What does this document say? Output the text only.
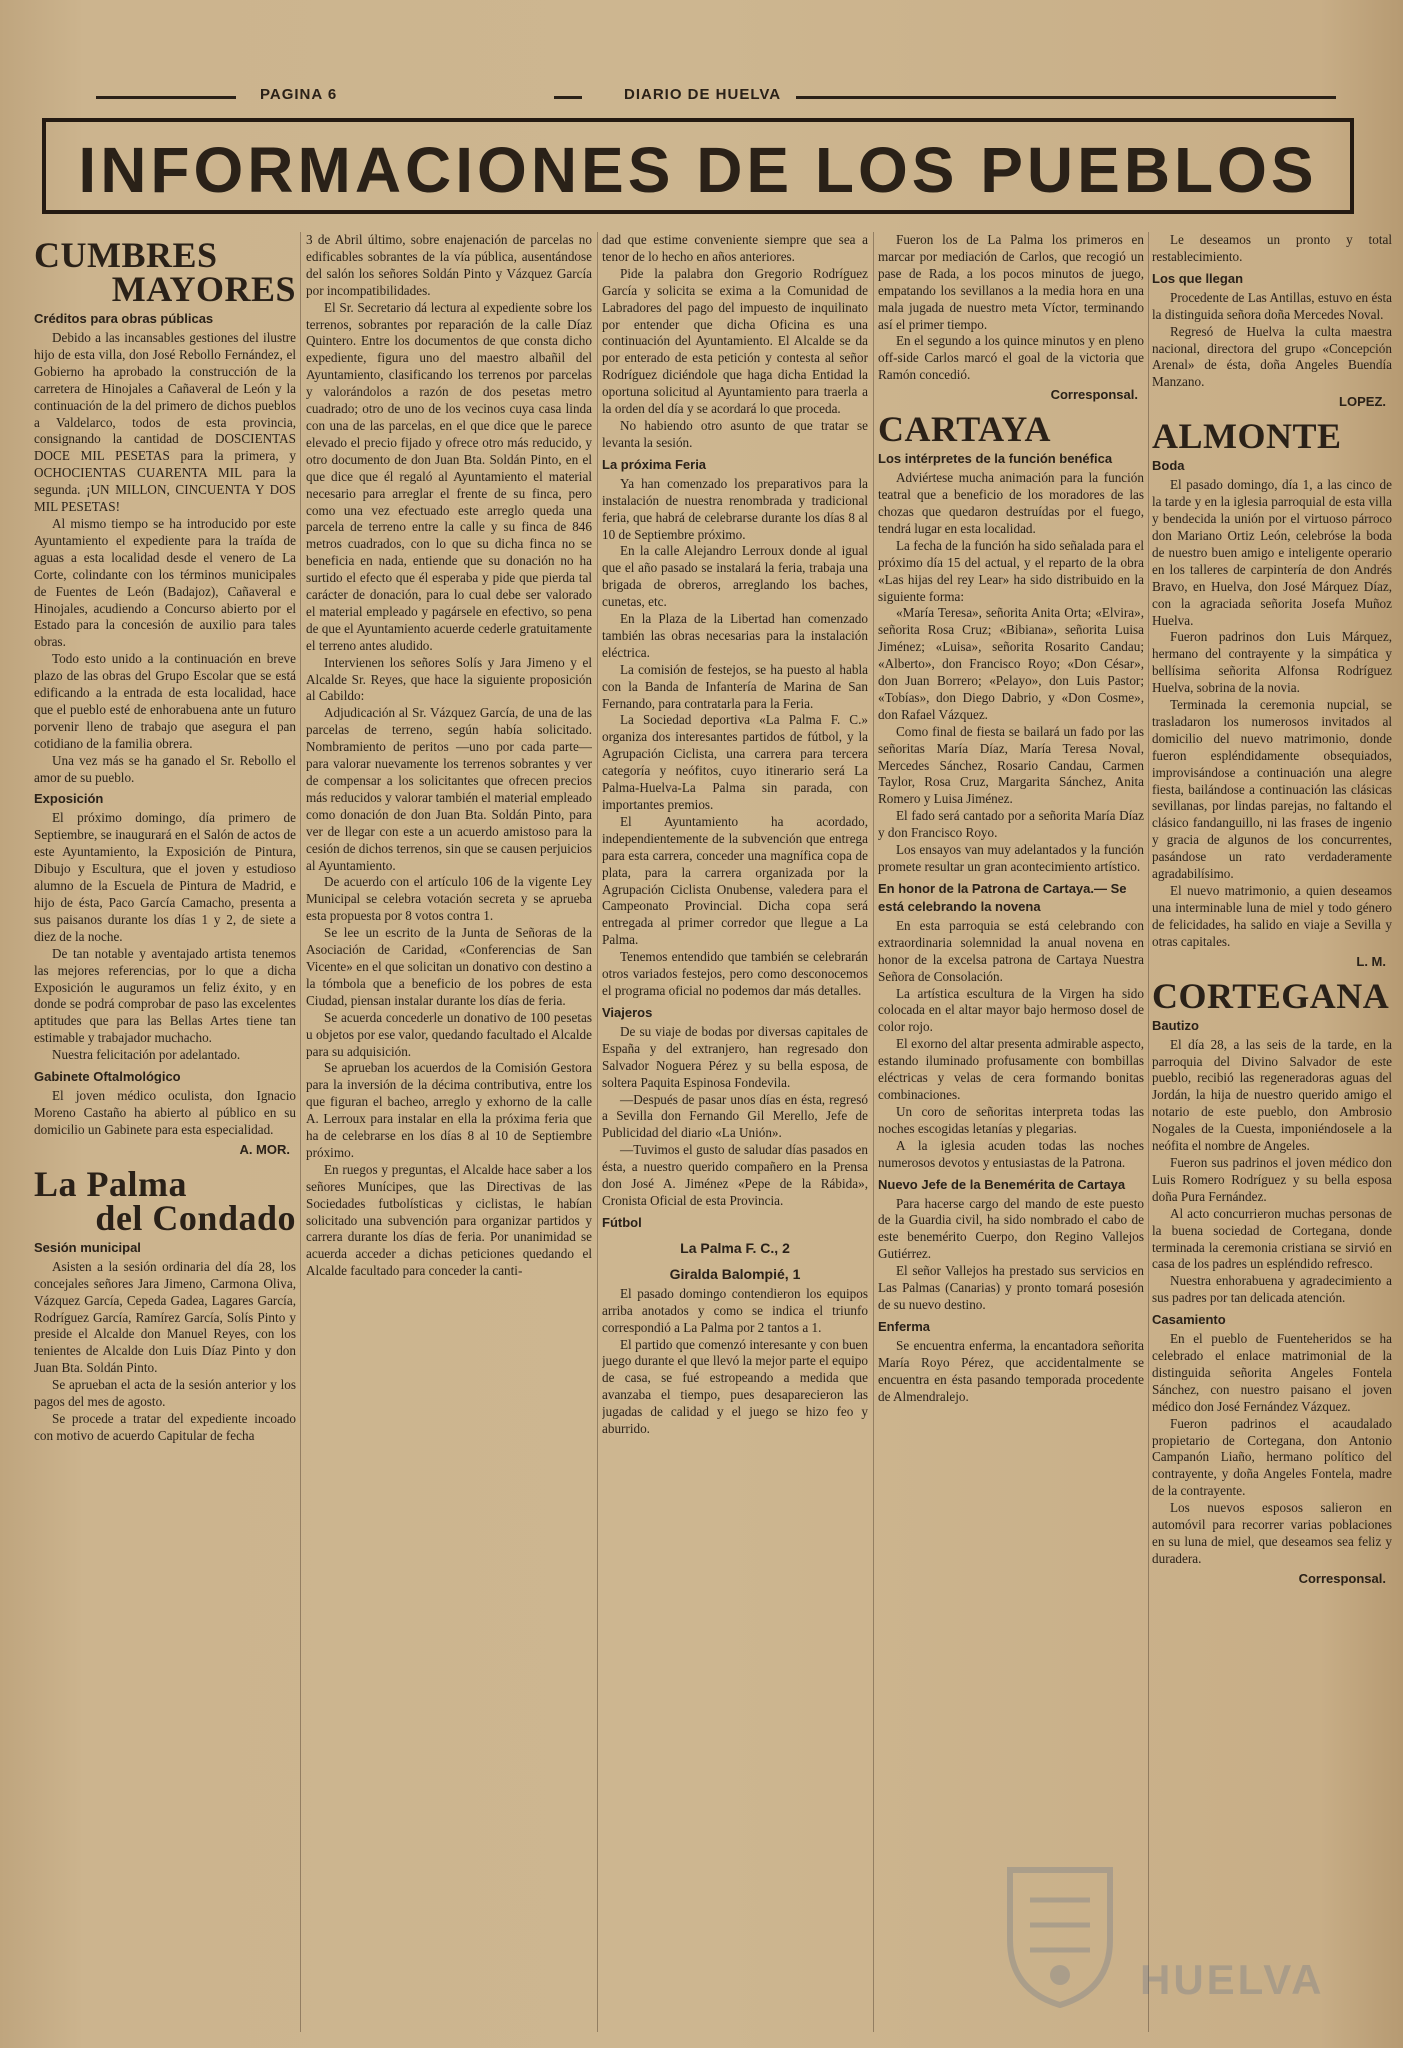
PAGINA 6	DIARIO DE HUELVA
INFORMACIONES DE LOS PUEBLOS
CUMBRES
MAYORES
Créditos para obras públicas

Debido a las incansables gestiones del ilustre hijo de esta villa, don José Rebollo Fernández, el Gobierno ha aprobado la construcción de la carretera de Hinojales a Cañaveral de León y la continuación de la del primero de dichos pueblos a Valdelarco, todos de esta provincia, consignando la cantidad de DOSCIENTAS DOCE MIL PESETAS para la primera, y OCHOCIENTAS CUARENTA MIL para la segunda. ¡UN MILLON, CINCUENTA Y DOS MIL PESETAS!

Al mismo tiempo se ha introducido por este Ayuntamiento el expediente para la traída de aguas a esta localidad desde el venero de La Corte, colindante con los términos municipales de Fuentes de León (Badajoz), Cañaveral e Hinojales, acudiendo a Concurso abierto por el Estado para la concesión de auxilio para tales obras.

Todo esto unido a la continuación en breve plazo de las obras del Grupo Escolar que se está edificando a la entrada de esta localidad, hace que el pueblo esté de enhorabuena ante un futuro porvenir lleno de trabajo que asegura el pan cotidiano de la familia obrera.

Una vez más se ha ganado el Sr. Rebollo el amor de su pueblo.

Exposición

El próximo domingo, día primero de Septiembre, se inaugurará en el Salón de actos de este Ayuntamiento, la Exposición de Pintura, Dibujo y Escultura, que el joven y estudioso alumno de la Escuela de Pintura de Madrid, e hijo de ésta, Paco García Camacho, presenta a sus paisanos durante los días 1 y 2, de siete a diez de la noche.

De tan notable y aventajado artista tenemos las mejores referencias, por lo que a dicha Exposición le auguramos un feliz éxito, y en donde se podrá comprobar de paso las excelentes aptitudes que para las Bellas Artes tiene tan estimable y trabajador muchacho.

Nuestra felicitación por adelantado.

Gabinete Oftalmológico

El joven médico oculista, don Ignacio Moreno Castaño ha abierto al público en su domicilio un Gabinete para esta especialidad.

A. MOR.
La Palma
del Condado
Sesión municipal

Asisten a la sesión ordinaria del día 28, los concejales señores Jara Jimeno, Carmona Oliva, Vázquez García, Cepeda Gadea, Lagares García, Rodríguez García, Ramírez García, Solís Pinto y preside el Alcalde don Manuel Reyes, con los tenientes de Alcalde don Luis Díaz Pinto y don Juan Bta. Soldán Pinto.

Se aprueban el acta de la sesión anterior y los pagos del mes de agosto.

Se procede a tratar del expediente incoado con motivo de acuerdo Capitular de fecha

3 de Abril último, sobre enajenación de parcelas no edificables sobrantes de la vía pública, ausentándose del salón los señores Soldán Pinto y Vázquez García por incompatibilidades.

El Sr. Secretario dá lectura al expediente sobre los terrenos, sobrantes por reparación de la calle Díaz Quintero. Entre los documentos de que consta dicho expediente, figura uno del maestro albañil del Ayuntamiento, clasificando los terrenos por parcelas y valorándolos a razón de dos pesetas metro cuadrado; otro de uno de los vecinos cuya casa linda con una de las parcelas, en el que dice que le parece elevado el precio fijado y ofrece otro más reducido, y otro documento de don Juan Bta. Soldán Pinto, en el que dice que él regaló al Ayuntamiento el material necesario para arreglar el frente de su finca, pero como una vez efectuado este arreglo queda una parcela de terreno entre la calle y su finca de 846 metros cuadrados, con lo que su dicha finca no se beneficia en nada, entiende que su donación no ha surtido el efecto que él esperaba y pide que pierda tal carácter de donación, para lo cual debe ser valorado el material empleado y pagársele en efectivo, so pena de que el Ayuntamiento acuerde cederle gratuitamente el terreno antes aludido.

Intervienen los señores Solís y Jara Jimeno y el Alcalde Sr. Reyes, que hace la siguiente proposición al Cabildo:

Adjudicación al Sr. Vázquez García, de una de las parcelas de terreno, según había solicitado. Nombramiento de peritos —uno por cada parte— para valorar nuevamente los terrenos sobrantes y ver de compensar a los solicitantes que ofrecen precios más reducidos y valorar también el material empleado como donación de don Juan Bta. Soldán Pinto, para ver de llegar con este a un acuerdo amistoso para la cesión de dichos terrenos, sin que se causen perjuicios al Ayuntamiento.

De acuerdo con el artículo 106 de la vigente Ley Municipal se celebra votación secreta y se aprueba esta propuesta por 8 votos contra 1.

Se lee un escrito de la Junta de Señoras de la Asociación de Caridad, «Conferencias de San Vicente» en el que solicitan un donativo con destino a la tómbola que a beneficio de los pobres de esta Ciudad, piensan instalar durante los días de feria.

Se acuerda concederle un donativo de 100 pesetas u objetos por ese valor, quedando facultado el Alcalde para su adquisición.

Se aprueban los acuerdos de la Comisión Gestora para la inversión de la décima contributiva, entre los que figuran el bacheo, arreglo y exhorno de la calle A. Lerroux para instalar en ella la próxima feria que ha de celebrarse en los días 8 al 10 de Septiembre próximo.

En ruegos y preguntas, el Alcalde hace saber a los señores Munícipes, que las Directivas de las Sociedades futbolísticas y ciclistas, le habían solicitado una subvención para organizar partidos y carrera durante los días de feria. Por unanimidad se acuerda acceder a dichas peticiones quedando el Alcalde facultado para conceder la canti-

dad que estime conveniente siempre que sea a tenor de lo hecho en años anteriores.

Pide la palabra don Gregorio Rodríguez García y solicita se exima a la Comunidad de Labradores del pago del impuesto de inquilinato por entender que dicha Oficina es una continuación del Ayuntamiento. El Alcalde se da por enterado de esta petición y contesta al señor Rodríguez diciéndole que haga dicha Entidad la oportuna solicitud al Ayuntamiento para traerla a la orden del día y se acordará lo que proceda.

No habiendo otro asunto de que tratar se levanta la sesión.

La próxima Feria

Ya han comenzado los preparativos para la instalación de nuestra renombrada y tradicional feria, que habrá de celebrarse durante los días 8 al 10 de Septiembre próximo.

En la calle Alejandro Lerroux donde al igual que el año pasado se instalará la feria, trabaja una brigada de obreros, arreglando los baches, cunetas, etc.

En la Plaza de la Libertad han comenzado también las obras necesarias para la instalación eléctrica.

La comisión de festejos, se ha puesto al habla con la Banda de Infantería de Marina de San Fernando, para contratarla para la Feria.

La Sociedad deportiva «La Palma F. C.» organiza dos interesantes partidos de fútbol, y la Agrupación Ciclista, una carrera para tercera categoría y neófitos, cuyo itinerario será La Palma-Huelva-La Palma sin parada, con importantes premios.

El Ayuntamiento ha acordado, independientemente de la subvención que entrega para esta carrera, conceder una magnífica copa de plata, para la carrera organizada por la Agrupación Ciclista Onubense, valedera para el Campeonato Provincial. Dicha copa será entregada al primer corredor que llegue a La Palma.

Tenemos entendido que también se celebrarán otros variados festejos, pero como desconocemos el programa oficial no podemos dar más detalles.

Viajeros

De su viaje de bodas por diversas capitales de España y del extranjero, han regresado don Salvador Noguera Pérez y su bella esposa, de soltera Paquita Espinosa Fondevila.

—Después de pasar unos días en ésta, regresó a Sevilla don Fernando Gil Merello, Jefe de Publicidad del diario «La Unión».

—Tuvimos el gusto de saludar días pasados en ésta, a nuestro querido compañero en la Prensa don José A. Jiménez «Pepe de la Rábida», Cronista Oficial de esta Provincia.

Fútbol
La Palma F. C., 2
Giralda Balompié, 1

El pasado domingo contendieron los equipos arriba anotados y como se indica el triunfo correspondió a La Palma por 2 tantos a 1.

El partido que comenzó interesante y con buen juego durante el que llevó la mejor parte el equipo de casa, se fué estropeando a medida que avanzaba el tiempo, pues desaparecieron las jugadas de calidad y el juego se hizo feo y aburrido.

Fueron los de La Palma los primeros en marcar por mediación de Carlos, que recogió un pase de Rada, a los pocos minutos de juego, empatando los sevillanos a la media hora en una mala jugada de nuestro meta Víctor, terminando así el primer tiempo.

En el segundo a los quince minutos y en pleno off-side Carlos marcó el goal de la victoria que Ramón concedió.

Corresponsal.
CARTAYA
Los intérpretes de la función benéfica

Adviértese mucha animación para la función teatral que a beneficio de los moradores de las chozas que quedaron destruídas por el fuego, tendrá lugar en esta localidad.

La fecha de la función ha sido señalada para el próximo día 15 del actual, y el reparto de la obra «Las hijas del rey Lear» ha sido distribuido en la siguiente forma:

«María Teresa», señorita Anita Orta; «Elvira», señorita Rosa Cruz; «Bibiana», señorita Luisa Jiménez; «Luisa», señorita Rosarito Candau; «Alberto», don Francisco Royo; «Don César», don Juan Borrero; «Pelayo», don Luis Pastor; «Tobías», don Diego Dabrio, y «Don Cosme», don Rafael Vázquez.

Como final de fiesta se bailará un fado por las señoritas María Díaz, María Teresa Noval, Mercedes Sánchez, Rosario Candau, Carmen Taylor, Rosa Cruz, Margarita Sánchez, Anita Romero y Luisa Jiménez.

El fado será cantado por a señorita María Díaz y don Francisco Royo.

Los ensayos van muy adelantados y la función promete resultar un gran acontecimiento artístico.

En honor de la Patrona de Cartaya.— Se está celebrando la novena

En esta parroquia se está celebrando con extraordinaria solemnidad la anual novena en honor de la excelsa patrona de Cartaya Nuestra Señora de Consolación.

La artística escultura de la Virgen ha sido colocada en el altar mayor bajo hermoso dosel de color rojo.

El exorno del altar presenta admirable aspecto, estando iluminado profusamente con bombillas eléctricas y velas de cera formando bonitas combinaciones.

Un coro de señoritas interpreta todas las noches escogidas letanías y plegarias.

A la iglesia acuden todas las noches numerosos devotos y entusiastas de la Patrona.

Nuevo Jefe de la Benemérita de Cartaya

Para hacerse cargo del mando de este puesto de la Guardia civil, ha sido nombrado el cabo de este benemérito Cuerpo, don Regino Vallejos Gutiérrez.

El señor Vallejos ha prestado sus servicios en Las Palmas (Canarias) y pronto tomará posesión de su nuevo destino.

Enferma

Se encuentra enferma, la encantadora señorita María Royo Pérez, que accidentalmente se encuentra en ésta pasando temporada procedente de Almendralejo.

Le deseamos un pronto y total restablecimiento.

Los que llegan

Procedente de Las Antillas, estuvo en ésta la distinguida señora doña Mercedes Noval.

Regresó de Huelva la culta maestra nacional, directora del grupo «Concepción Arenal» de ésta, doña Angeles Buendía Manzano.

LOPEZ.
ALMONTE
Boda

El pasado domingo, día 1, a las cinco de la tarde y en la iglesia parroquial de esta villa y bendecida la unión por el virtuoso párroco don Mariano Ortiz León, celebróse la boda de nuestro buen amigo e inteligente operario en los talleres de carpintería de don Andrés Bravo, en Huelva, don José Márquez Díaz, con la agraciada señorita Josefa Muñoz Huelva.

Fueron padrinos don Luis Márquez, hermano del contrayente y la simpática y bellísima señorita Alfonsa Rodríguez Huelva, sobrina de la novia.

Terminada la ceremonia nupcial, se trasladaron los numerosos invitados al domicilio del nuevo matrimonio, donde fueron espléndidamente obsequiados, improvisándose a continuación una alegre fiesta, bailándose a continuación las clásicas sevillanas, por lindas parejas, no faltando el clásico fandanguillo, ni las frases de ingenio y gracia de algunos de los concurrentes, pasándose un rato verdaderamente agradabilísimo.

El nuevo matrimonio, a quien deseamos una interminable luna de miel y todo género de felicidades, ha salido en viaje a Sevilla y otras capitales.

L. M.
CORTEGANA
Bautizo

El día 28, a las seis de la tarde, en la parroquia del Divino Salvador de este pueblo, recibió las regeneradoras aguas del Jordán, la hija de nuestro querido amigo el notario de este pueblo, don Ambrosio Nogales de la Cuesta, imponiéndosele a la neófita el nombre de Angeles.

Fueron sus padrinos el joven médico don Luis Romero Rodríguez y su bella esposa doña Pura Fernández.

Al acto concurrieron muchas personas de la buena sociedad de Cortegana, donde terminada la ceremonia cristiana se sirvió en casa de los padres un espléndido refresco.

Nuestra enhorabuena y agradecimiento a sus padres por tan delicada atención.

Casamiento

En el pueblo de Fuenteheridos se ha celebrado el enlace matrimonial de la distinguida señorita Angeles Fontela Sánchez, con nuestro paisano el joven médico don José Fernández Vázquez.

Fueron padrinos el acaudalado propietario de Cortegana, don Antonio Campanón Liaño, hermano político del contrayente, y doña Angeles Fontela, madre de la contrayente.

Los nuevos esposos salieron en automóvil para recorrer varias poblaciones en su luna de miel, que deseamos sea feliz y duradera.

Corresponsal.
HUELVA
